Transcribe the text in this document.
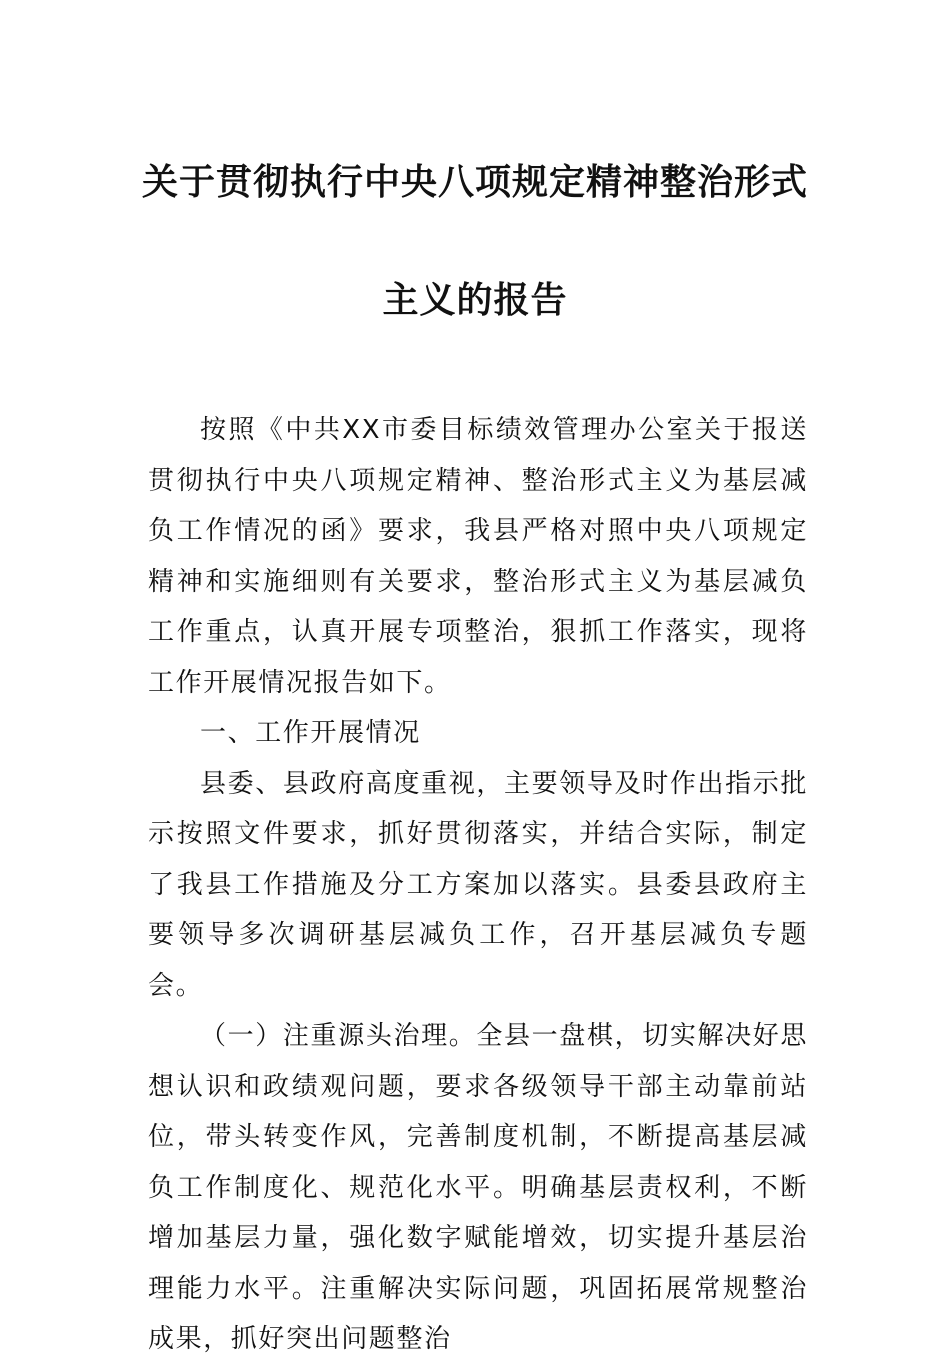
关于贯彻执行中央八项规定精神整治形式
主义的报告

按照《中共XX市委目标绩效管理办公室关于报送贯彻执行中央八项规定精神、整治形式主义为基层减负工作情况的函》要求，我县严格对照中央八项规定精神和实施细则有关要求，整治形式主义为基层减负工作重点，认真开展专项整治，狠抓工作落实，现将工作开展情况报告如下。

一、工作开展情况

县委、县政府高度重视，主要领导及时作出指示批示按照文件要求，抓好贯彻落实，并结合实际，制定了我县工作措施及分工方案加以落实。县委县政府主要领导多次调研基层减负工作，召开基层减负专题会。

（一）注重源头治理。全县一盘棋，切实解决好思想认识和政绩观问题，要求各级领导干部主动靠前站位，带头转变作风，完善制度机制，不断提高基层减负工作制度化、规范化水平。明确基层责权利，不断增加基层力量，强化数字赋能增效，切实提升基层治理能力水平。注重解决实际问题，巩固拓展常规整治成果，抓好突出问题整治
